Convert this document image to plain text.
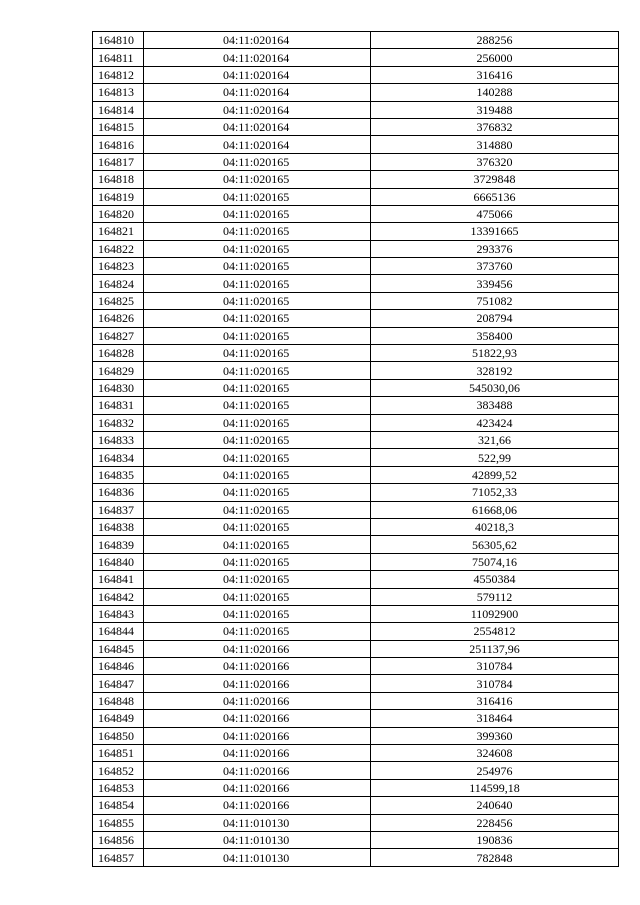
164810	04:11:020164	288256
164811	04:11:020164	256000
164812	04:11:020164	316416
164813	04:11:020164	140288
164814	04:11:020164	319488
164815	04:11:020164	376832
164816	04:11:020164	314880
164817	04:11:020165	376320
164818	04:11:020165	3729848
164819	04:11:020165	6665136
164820	04:11:020165	475066
164821	04:11:020165	13391665
164822	04:11:020165	293376
164823	04:11:020165	373760
164824	04:11:020165	339456
164825	04:11:020165	751082
164826	04:11:020165	208794
164827	04:11:020165	358400
164828	04:11:020165	51822,93
164829	04:11:020165	328192
164830	04:11:020165	545030,06
164831	04:11:020165	383488
164832	04:11:020165	423424
164833	04:11:020165	321,66
164834	04:11:020165	522,99
164835	04:11:020165	42899,52
164836	04:11:020165	71052,33
164837	04:11:020165	61668,06
164838	04:11:020165	40218,3
164839	04:11:020165	56305,62
164840	04:11:020165	75074,16
164841	04:11:020165	4550384
164842	04:11:020165	579112
164843	04:11:020165	11092900
164844	04:11:020165	2554812
164845	04:11:020166	251137,96
164846	04:11:020166	310784
164847	04:11:020166	310784
164848	04:11:020166	316416
164849	04:11:020166	318464
164850	04:11:020166	399360
164851	04:11:020166	324608
164852	04:11:020166	254976
164853	04:11:020166	114599,18
164854	04:11:020166	240640
164855	04:11:010130	228456
164856	04:11:010130	190836
164857	04:11:010130	782848
